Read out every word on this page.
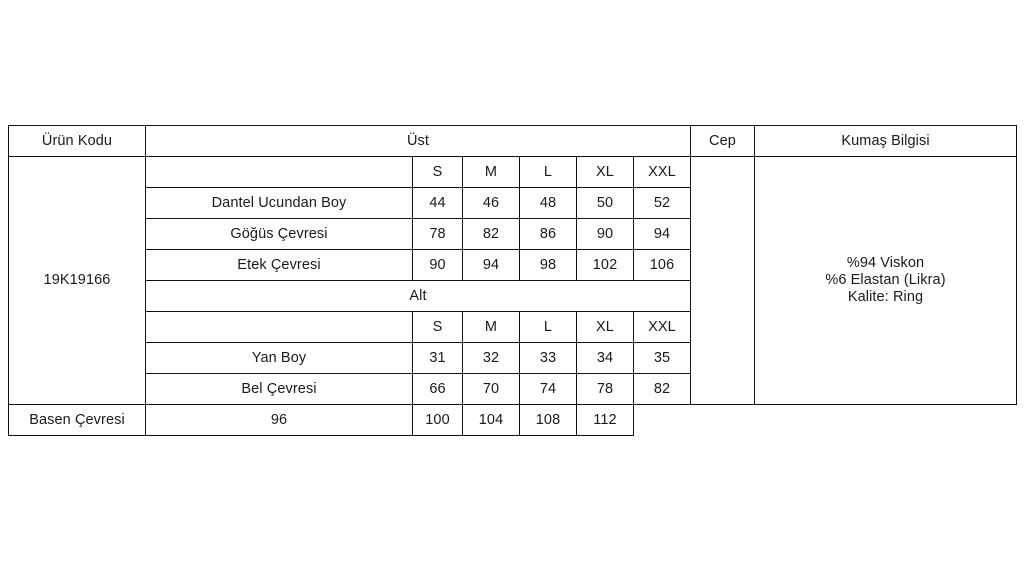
Ürün Kodu	Üst						Cep	Kumaş Bilgisi
19K19166		S	M	L	XL	XXL		%94 Viskon
%6 Elastan (Likra)
Kalite: Ring

	Dantel Ucundan Boy	44	46	48	50	52		
	Göğüs Çevresi	78	82	86	90	94		
	Etek Çevresi	90	94	98	102	106		
	Alt							
		S	M	L	XL	XXL		
	Yan Boy	31	32	33	34	35		
	Bel Çevresi	66	70	74	78	82		
Basen Çevresi	96	100	104	108	112			
